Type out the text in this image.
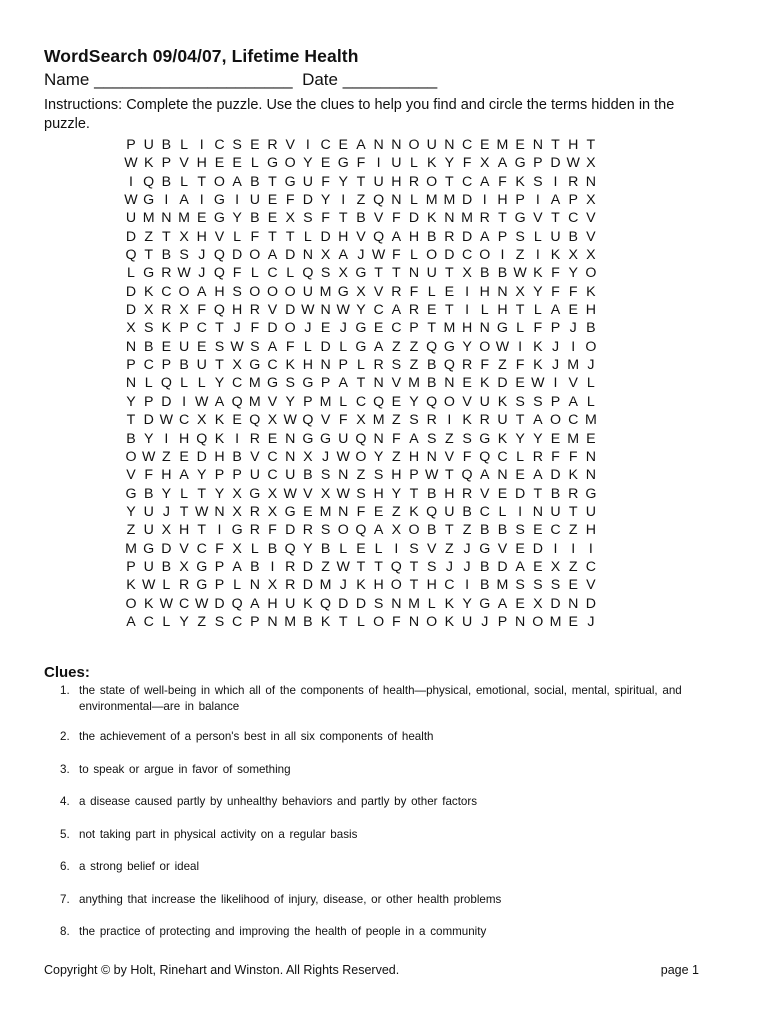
WordSearch 09/04/07, Lifetime Health
Name _____________________  Date __________
Instructions: Complete the puzzle. Use the clues to help you find and circle the terms hidden in the puzzle.
P U B L I C S E R V I C E A N N O U N C E M E N T H T
W K P V H E E L G O Y E G F I U L K Y F X A G P D W X
I Q B L T O A B T G U F Y T U H R O T C A F K S I R N
W G I A I G I U E F D Y I Z Q N L M M D I H P I A P X
U M N M E G Y B E X S F T B V F D K N M R T G V T C V
D Z T X H V L F T T L D H V Q A H B R D A P S L U B V
Q T B S J Q D O A D N X A J W F L O D C O I Z I K X X
L G R W J Q F L C L Q S X G T T N U T X B B W K F Y O
D K C O A H S O O O U M G X V R F L E I H N X Y F F K
D X R X F Q H R V D W N W Y C A R E T I L H T L A E H
X S K P C T J F D O J E J G E C P T M H N G L F P J B
N B E U E S W S A F L D L G A Z Z Q G Y O W I K J I O
P C P B U T X G C K H N P L R S Z B Q R F Z F K J M J
N L Q L L Y C M G S G P A T N V M B N E K D E W I V L
Y P D I W A Q M V Y P M L C Q E Y Q O V U K S S P A L
T D W C X K E Q X W Q V F X M Z S R I K R U T A O C M
B Y I H Q K I R E N G G U Q N F A S Z S G K Y Y E M E
O W Z E D H B V C N X J W O Y Z H N V F Q C L R F F N
V F H A Y P P U C U B S N Z S H P W T Q A N E A D K N
G B Y L T Y X G X W V X W S H Y T B H R V E D T B R G
Y U J T W N X R X G E M N F E Z K Q U B C L I N U T U
Z U X H T I G R F D R S O Q A X O B T Z B B S E C Z H
M G D V C F X L B Q Y B L E L I S V Z J G V E D I I I
P U B X G P A B I R D Z W T T Q T S J J B D A E X Z C
K W L R G P L N X R D M J K H O T H C I B M S S S E V
O K W C W D Q A H U K Q D D S N M L K Y G A E X D N D
A C L Y Z S C P N M B K T L O F N O K U J P N O M E J
Clues:
1. the state of well-being in which all of the components of health—physical, emotional, social, mental, spiritual, and environmental—are in balance
2. the achievement of a person's best in all six components of health
3. to speak or argue in favor of something
4. a disease caused partly by unhealthy behaviors and partly by other factors
5. not taking part in physical activity on a regular basis
6. a strong belief or ideal
7. anything that increase the likelihood of injury, disease, or other health problems
8. the practice of protecting and improving the health of people in a community
Copyright © by Holt, Rinehart and Winston. All Rights Reserved.	page 1
